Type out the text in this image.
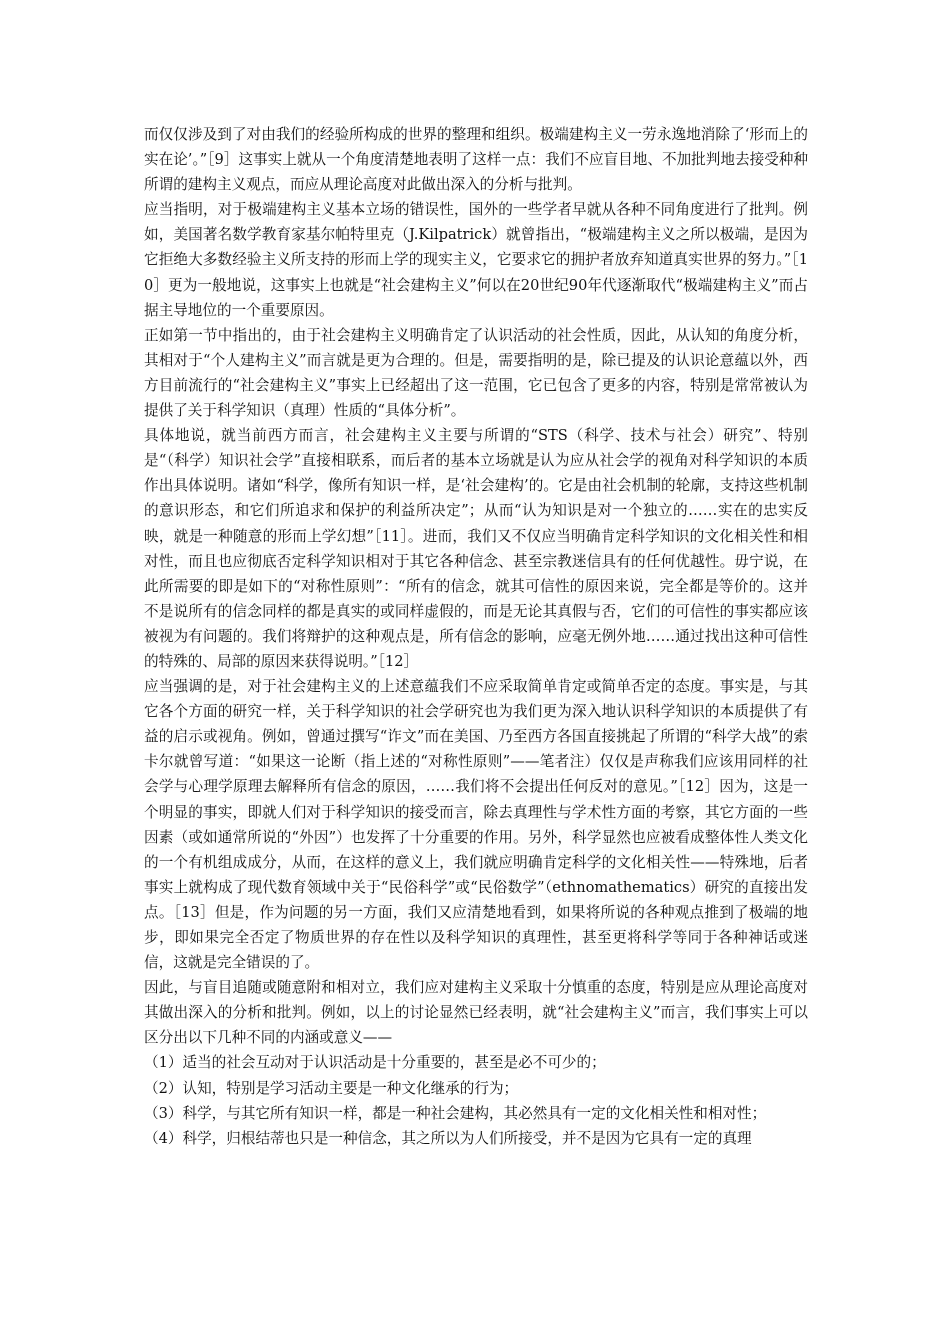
而仅仅涉及到了对由我们的经验所构成的世界的整理和组织。极端建构主义一劳永逸地消除了‘形而上的实在论’。”［9］这事实上就从一个角度清楚地表明了这样一点：我们不应盲目地、不加批判地去接受种种所谓的建构主义观点，而应从理论高度对此做出深入的分析与批判。

应当指明，对于极端建构主义基本立场的错误性，国外的一些学者早就从各种不同角度进行了批判。例如，美国著名数学教育家基尔帕特里克（J.Kilpatrick）就曾指出，“极端建构主义之所以极端，是因为它拒绝大多数经验主义所支持的形而上学的现实主义，它要求它的拥护者放弃知道真实世界的努力。”［10］更为一般地说，这事实上也就是“社会建构主义”何以在20世纪90年代逐渐取代“极端建构主义”而占据主导地位的一个重要原因。

正如第一节中指出的，由于社会建构主义明确肯定了认识活动的社会性质，因此，从认知的角度分析，其相对于“个人建构主义”而言就是更为合理的。但是，需要指明的是，除已提及的认识论意蕴以外，西方目前流行的“社会建构主义”事实上已经超出了这一范围，它已包含了更多的内容，特别是常常被认为提供了关于科学知识（真理）性质的“具体分析”。

具体地说，就当前西方而言，社会建构主义主要与所谓的“STS（科学、技术与社会）研究”、特别是“（科学）知识社会学”直接相联系，而后者的基本立场就是认为应从社会学的视角对科学知识的本质作出具体说明。诸如“科学，像所有知识一样，是‘社会建构’的。它是由社会机制的轮廓，支持这些机制的意识形态，和它们所追求和保护的利益所决定”；从而“认为知识是对一个独立的……实在的忠实反映，就是一种随意的形而上学幻想”［11］。进而，我们又不仅应当明确肯定科学知识的文化相关性和相对性，而且也应彻底否定科学知识相对于其它各种信念、甚至宗教迷信具有的任何优越性。毋宁说，在此所需要的即是如下的“对称性原则”：“所有的信念，就其可信性的原因来说，完全都是等价的。这并不是说所有的信念同样的都是真实的或同样虚假的，而是无论其真假与否，它们的可信性的事实都应该被视为有问题的。我们将辩护的这种观点是，所有信念的影响，应毫无例外地……通过找出这种可信性的特殊的、局部的原因来获得说明。”［12］

应当强调的是，对于社会建构主义的上述意蕴我们不应采取简单肯定或简单否定的态度。事实是，与其它各个方面的研究一样，关于科学知识的社会学研究也为我们更为深入地认识科学知识的本质提供了有益的启示或视角。例如，曾通过撰写“诈文”而在美国、乃至西方各国直接挑起了所谓的“科学大战”的索卡尔就曾写道：“如果这一论断（指上述的“对称性原则”——笔者注）仅仅是声称我们应该用同样的社会学与心理学原理去解释所有信念的原因，……我们将不会提出任何反对的意见。”［12］因为，这是一个明显的事实，即就人们对于科学知识的接受而言，除去真理性与学术性方面的考察，其它方面的一些因素（或如通常所说的“外因”）也发挥了十分重要的作用。另外，科学显然也应被看成整体性人类文化的一个有机组成成分，从而，在这样的意义上，我们就应明确肯定科学的文化相关性——特殊地，后者事实上就构成了现代数育领域中关于“民俗科学”或“民俗数学”（ethnomathematics）研究的直接出发点。［13］但是，作为问题的另一方面，我们又应清楚地看到，如果将所说的各种观点推到了极端的地步，即如果完全否定了物质世界的存在性以及科学知识的真理性，甚至更将科学等同于各种神话或迷信，这就是完全错误的了。

因此，与盲目追随或随意附和相对立，我们应对建构主义采取十分慎重的态度，特别是应从理论高度对其做出深入的分析和批判。例如，以上的讨论显然已经表明，就“社会建构主义”而言，我们事实上可以区分出以下几种不同的内涵或意义——

（1）适当的社会互动对于认识活动是十分重要的，甚至是必不可少的；

（2）认知，特别是学习活动主要是一种文化继承的行为；

（3）科学，与其它所有知识一样，都是一种社会建构，其必然具有一定的文化相关性和相对性；

（4）科学，归根结蒂也只是一种信念，其之所以为人们所接受，并不是因为它具有一定的真理
